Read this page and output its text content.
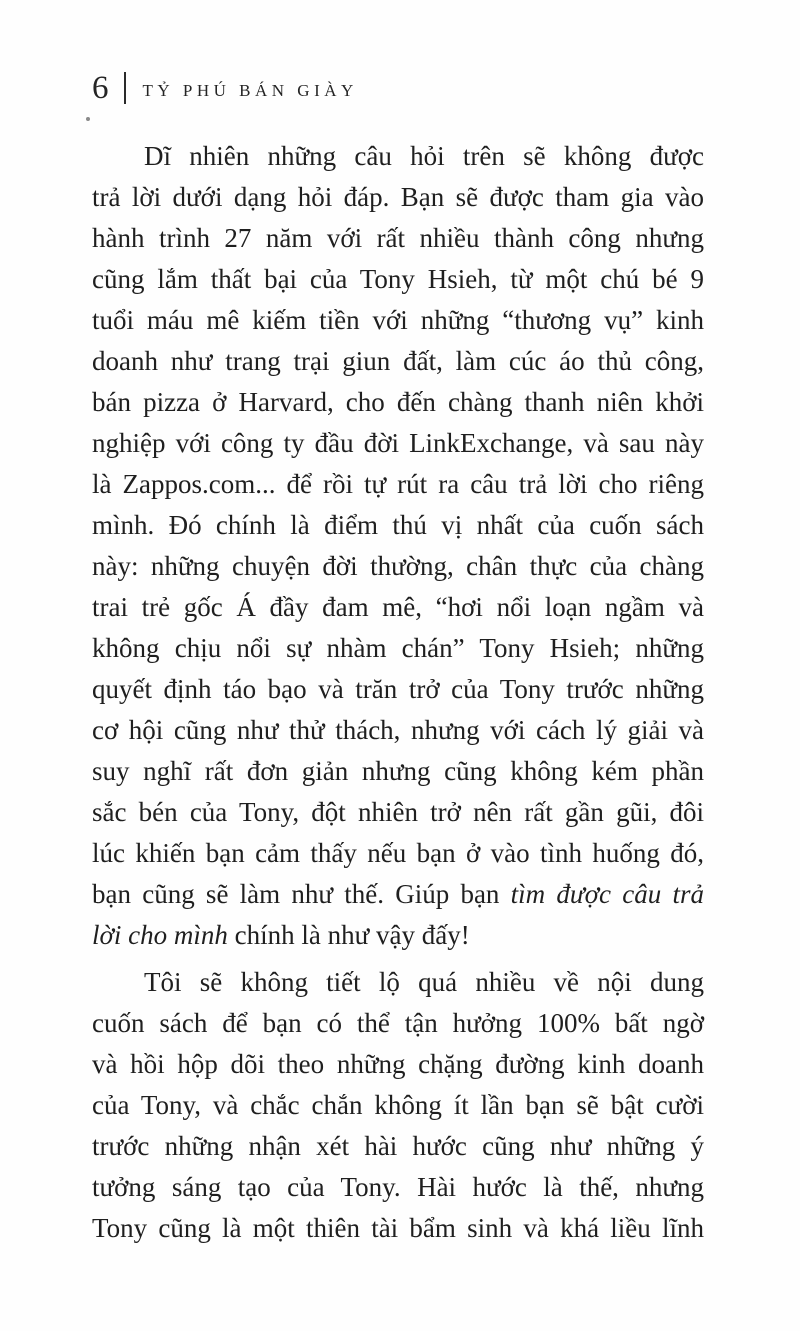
6 TỶ PHÚ BÁN GIÀY
Dĩ nhiên những câu hỏi trên sẽ không được
trả lời dưới dạng hỏi đáp. Bạn sẽ được tham gia vào
hành trình 27 năm với rất nhiều thành công nhưng
cũng lắm thất bại của Tony Hsieh, từ một chú bé 9
tuổi máu mê kiếm tiền với những “thương vụ” kinh
doanh như trang trại giun đất, làm cúc áo thủ công,
bán pizza ở Harvard, cho đến chàng thanh niên khởi
nghiệp với công ty đầu đời LinkExchange, và sau này
là Zappos.com... để rồi tự rút ra câu trả lời cho riêng
mình. Đó chính là điểm thú vị nhất của cuốn sách
này: những chuyện đời thường, chân thực của chàng
trai trẻ gốc Á đầy đam mê, “hơi nổi loạn ngầm và
không chịu nổi sự nhàm chán” Tony Hsieh; những
quyết định táo bạo và trăn trở của Tony trước những
cơ hội cũng như thử thách, nhưng với cách lý giải và
suy nghĩ rất đơn giản nhưng cũng không kém phần
sắc bén của Tony, đột nhiên trở nên rất gần gũi, đôi
lúc khiến bạn cảm thấy nếu bạn ở vào tình huống đó,
bạn cũng sẽ làm như thế. Giúp bạn tìm được câu trả
lời cho mình chính là như vậy đấy!
Tôi sẽ không tiết lộ quá nhiều về nội dung
cuốn sách để bạn có thể tận hưởng 100% bất ngờ
và hồi hộp dõi theo những chặng đường kinh doanh
của Tony, và chắc chắn không ít lần bạn sẽ bật cười
trước những nhận xét hài hước cũng như những ý
tưởng sáng tạo của Tony. Hài hước là thế, nhưng
Tony cũng là một thiên tài bẩm sinh và khá liều lĩnh
